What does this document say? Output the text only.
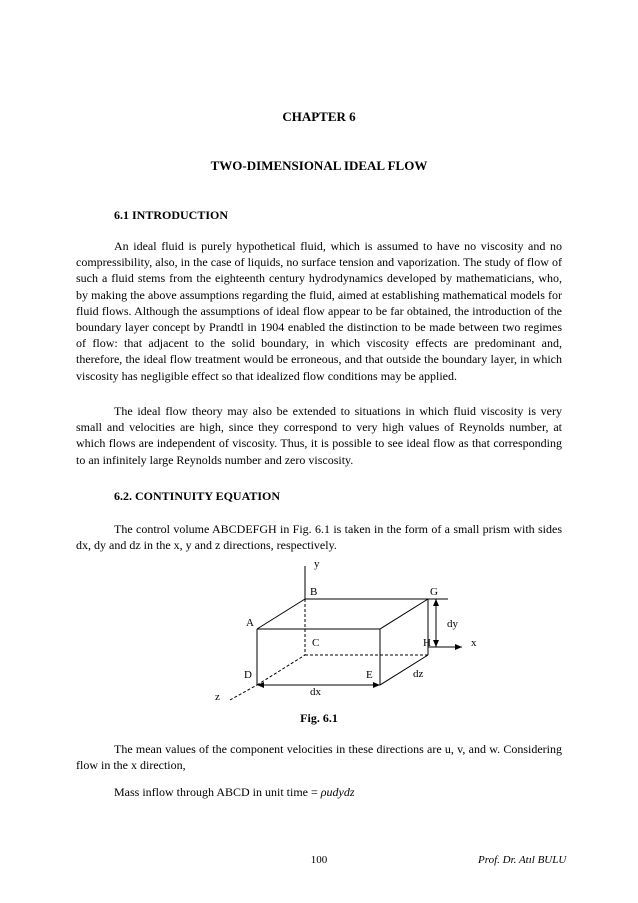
CHAPTER 6
TWO-DIMENSIONAL IDEAL FLOW
6.1 INTRODUCTION

An ideal fluid is purely hypothetical fluid, which is assumed to have no viscosity and no compressibility, also, in the case of liquids, no surface tension and vaporization. The study of flow of such a fluid stems from the eighteenth century hydrodynamics developed by mathematicians, who, by making the above assumptions regarding the fluid, aimed at establishing mathematical models for fluid flows. Although the assumptions of ideal flow appear to be far obtained, the introduction of the boundary layer concept by Prandtl in 1904 enabled the distinction to be made between two regimes of flow: that adjacent to the solid boundary, in which viscosity effects are predominant and, therefore, the ideal flow treatment would be erroneous, and that outside the boundary layer, in which viscosity has negligible effect so that idealized flow conditions may be applied.

The ideal flow theory may also be extended to situations in which fluid viscosity is very small and velocities are high, since they correspond to very high values of Reynolds number, at which flows are independent of viscosity. Thus, it is possible to see ideal flow as that corresponding to an infinitely large Reynolds number and zero viscosity.

6.2. CONTINUITY EQUATION

The control volume ABCDEFGH in Fig. 6.1 is taken in the form of a small prism with sides dx, dy and dz in the x, y and z directions, respectively.

y
B	G
A	dy
C	H	x
D	E	dz
dx
z
Fig. 6.1

The mean values of the component velocities in these directions are u, v, and w. Considering flow in the x direction,

Mass inflow through ABCD in unit time = ρudydz
100	Prof. Dr. Atıl BULU
